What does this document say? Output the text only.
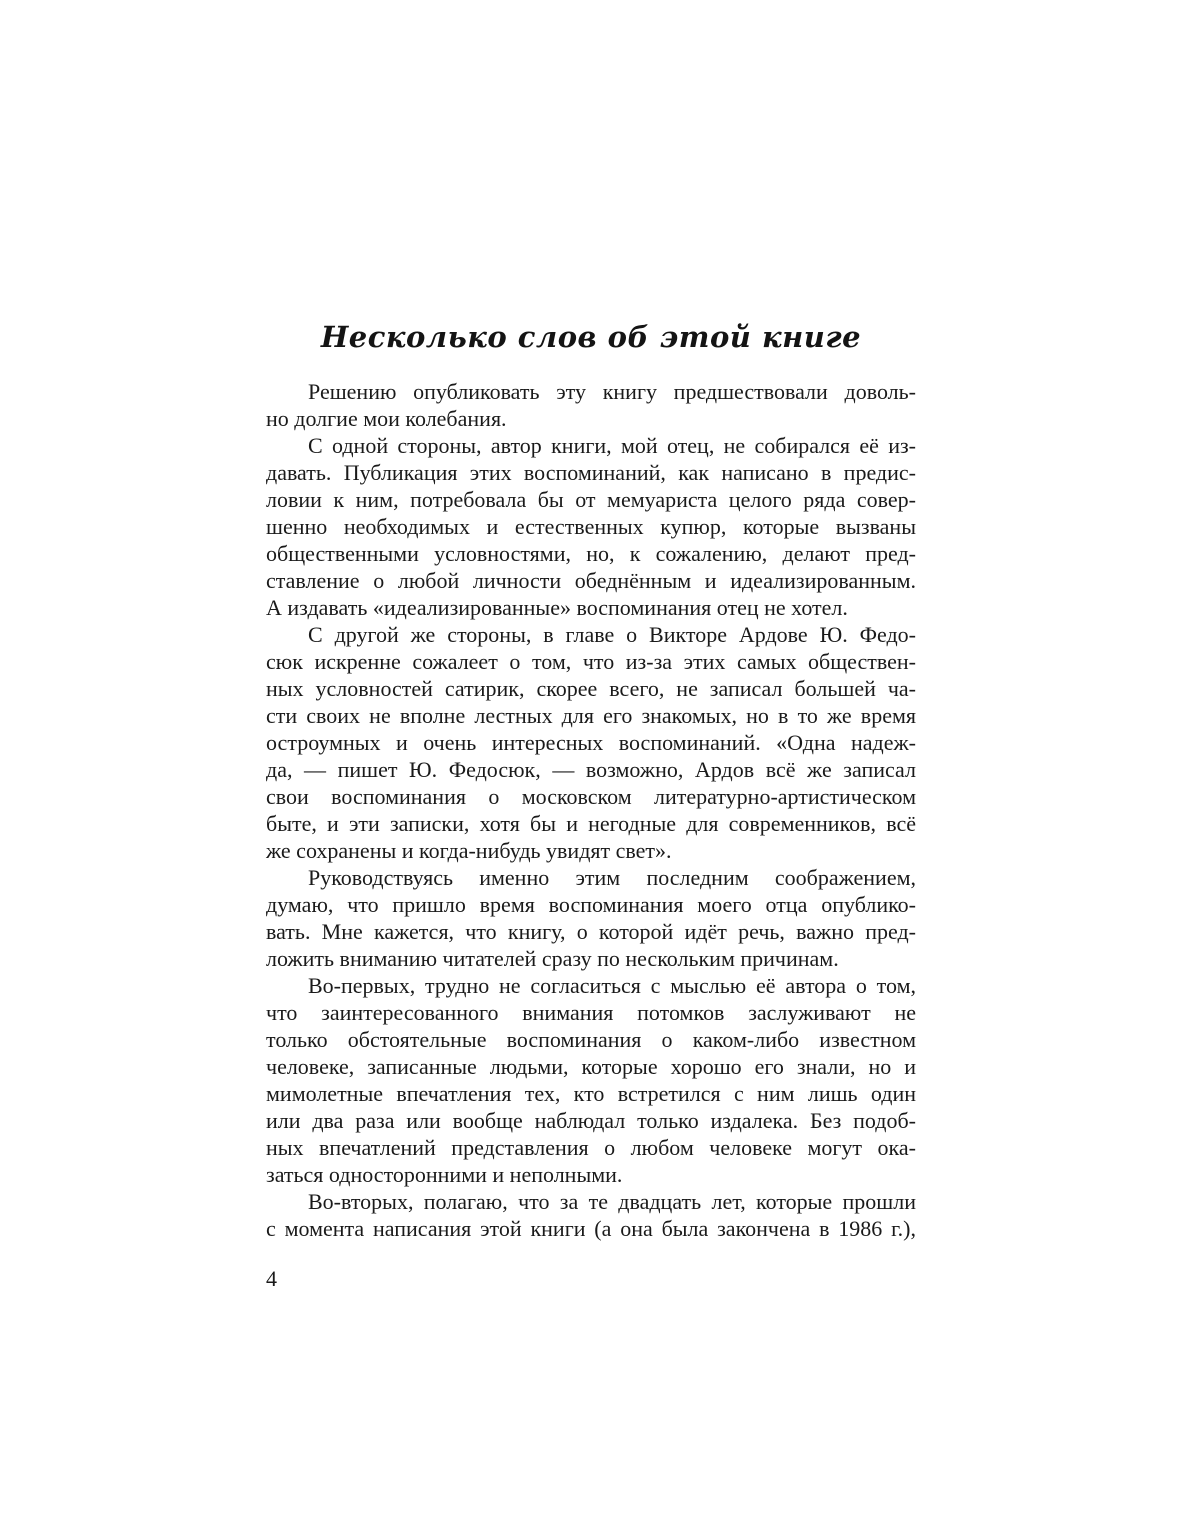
Несколько слов об этой книге
Решению опубликовать эту книгу предшествовали доволь-
но долгие мои колебания.
С одной стороны, автор книги, мой отец, не собирался её из-
давать. Публикация этих воспоминаний, как написано в предис-
ловии к ним, потребовала бы от мемуариста целого ряда совер-
шенно необходимых и естественных купюр, которые вызваны
общественными условностями, но, к сожалению, делают пред-
ставление о любой личности обеднённым и идеализированным.
А издавать «идеализированные» воспоминания отец не хотел.
С другой же стороны, в главе о Викторе Ардове Ю. Федо-
сюк искренне сожалеет о том, что из-за этих самых обществен-
ных условностей сатирик, скорее всего, не записал большей ча-
сти своих не вполне лестных для его знакомых, но в то же время
остроумных и очень интересных воспоминаний. «Одна надеж-
да, — пишет Ю. Федосюк, — возможно, Ардов всё же записал
свои воспоминания о московском литературно-артистическом
быте, и эти записки, хотя бы и негодные для современников, всё
же сохранены и когда-нибудь увидят свет».
Руководствуясь именно этим последним соображением,
думаю, что пришло время воспоминания моего отца опублико-
вать. Мне кажется, что книгу, о которой идёт речь, важно пред-
ложить вниманию читателей сразу по нескольким причинам.
Во-первых, трудно не согласиться с мыслью её автора о том,
что заинтересованного внимания потомков заслуживают не
только обстоятельные воспоминания о каком-либо известном
человеке, записанные людьми, которые хорошо его знали, но и
мимолетные впечатления тех, кто встретился с ним лишь один
или два раза или вообще наблюдал только издалека. Без подоб-
ных впечатлений представления о любом человеке могут ока-
заться односторонними и неполными.
Во-вторых, полагаю, что за те двадцать лет, которые прошли
с момента написания этой книги (а она была закончена в 1986 г.),
4
